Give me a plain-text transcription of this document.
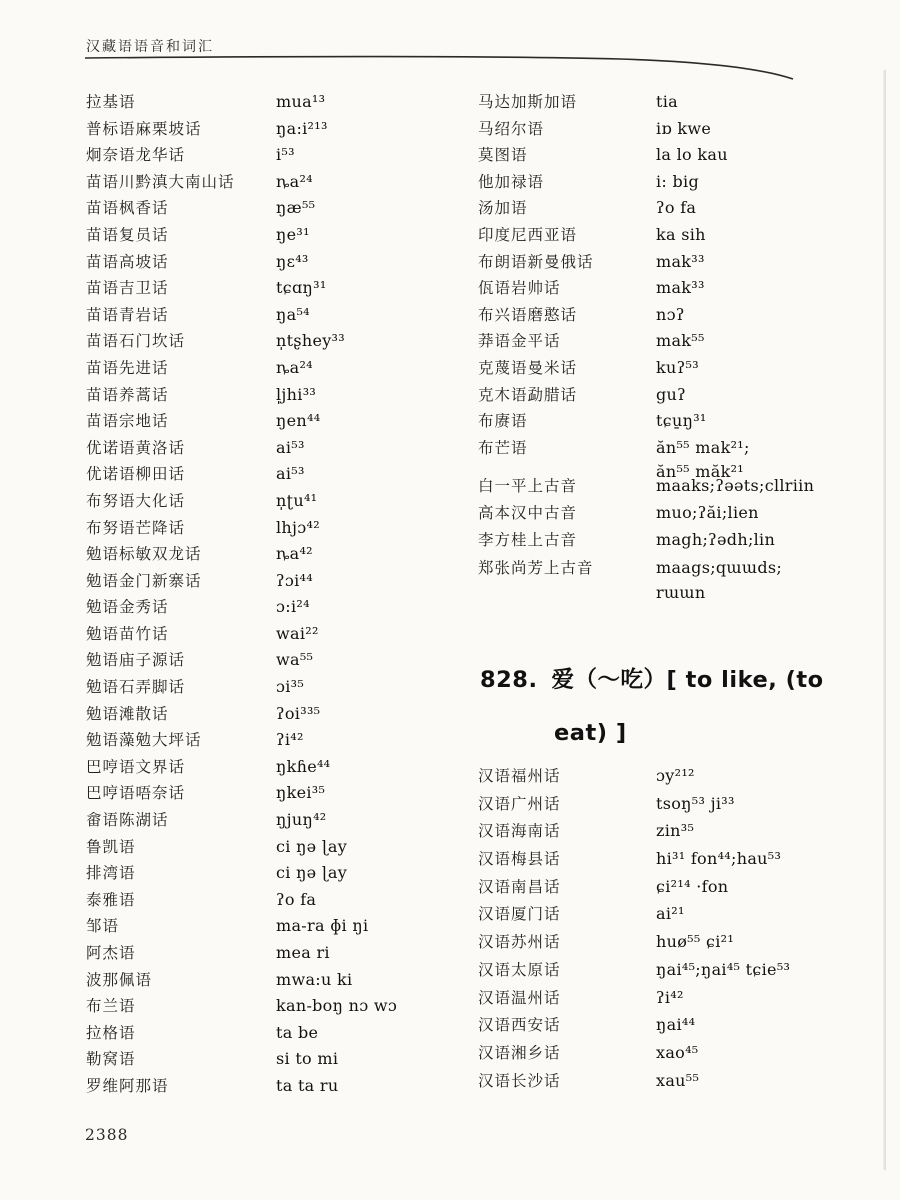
汉藏语语音和词汇
拉基语	mua¹³
普标语麻栗坡话	ŋa:i²¹³
炯奈语龙华话	i⁵³
苗语川黔滇大南山话	ȵa²⁴
苗语枫香话	ŋæ⁵⁵
苗语复员话	ŋe³¹
苗语高坡话	ŋɛ⁴³
苗语吉卫话	tɕɑŋ³¹
苗语青岩话	ŋa⁵⁴
苗语石门坎话	n̩tʂhey³³
苗语先进话	ȵa²⁴
苗语养蒿话	l̩jhi³³
苗语宗地话	ŋen⁴⁴
优诺语黄洛话	ai⁵³
优诺语柳田话	ai⁵³
布努语大化话	n̩ʈu⁴¹
布努语芒降话	lhjɔ⁴²
勉语标敏双龙话	ȵa⁴²
勉语金门新寨话	ʔɔi⁴⁴
勉语金秀话	ɔ:i²⁴
勉语苗竹话	wai²²
勉语庙子源话	wa⁵⁵
勉语石弄脚话	ɔi³⁵
勉语滩散话	ʔoi³³⁵
勉语藻勉大坪话	ʔi⁴²
巴哼语文界话	ŋkɦe⁴⁴
巴哼语唔奈话	ŋkei³⁵
畲语陈湖话	ŋjuŋ⁴²
鲁凯语	ci ŋə ɭay
排湾语	ci ŋə ɭay
泰雅语	ʔo fa
邹语	ma-ra ɸi ŋi
阿杰语	mea ri
波那佩语	mwa:u ki
布兰语	kan-boŋ nɔ wɔ
拉格语	ta be
勒窝语	si to mi
罗维阿那语	ta ta ru
马达加斯加语	tia
马绍尔语	iɒ kwe
莫图语	la lo kau
他加禄语	i: big
汤加语	ʔo fa
印度尼西亚语	ka sih
布朗语新曼俄话	mak³³
佤语岩帅话	mak³³
布兴语磨憨话	nɔʔ
莽语金平话	mak⁵⁵
克蔑语曼米话	kuʔ⁵³
克木语勐腊话	guʔ
布赓语	tɕu̱ŋ³¹
布芒语	ăn⁵⁵ mak²¹;
ăn⁵⁵ măk²¹
白一平上古音	maaks;ʔəəts;cllriin
高本汉中古音	muo;ʔăi;lien
李方桂上古音	magh;ʔədh;lin
郑张尚芳上古音	maags;qɯɯds;
rɯɯn
828. 爱（～吃）[ to like, (to
eat) ]
汉语福州话	ɔy²¹²
汉语广州话	tsoŋ⁵³ ji³³
汉语海南话	zin³⁵
汉语梅县话	hi³¹ fon⁴⁴;hau⁵³
汉语南昌话	ɕi²¹⁴ ·fon
汉语厦门话	ai²¹
汉语苏州话	huø⁵⁵ ɕi²¹
汉语太原话	ŋai⁴⁵;ŋai⁴⁵ tɕie⁵³
汉语温州话	ʔi⁴²
汉语西安话	ŋai⁴⁴
汉语湘乡话	xao⁴⁵
汉语长沙话	xau⁵⁵
2388
